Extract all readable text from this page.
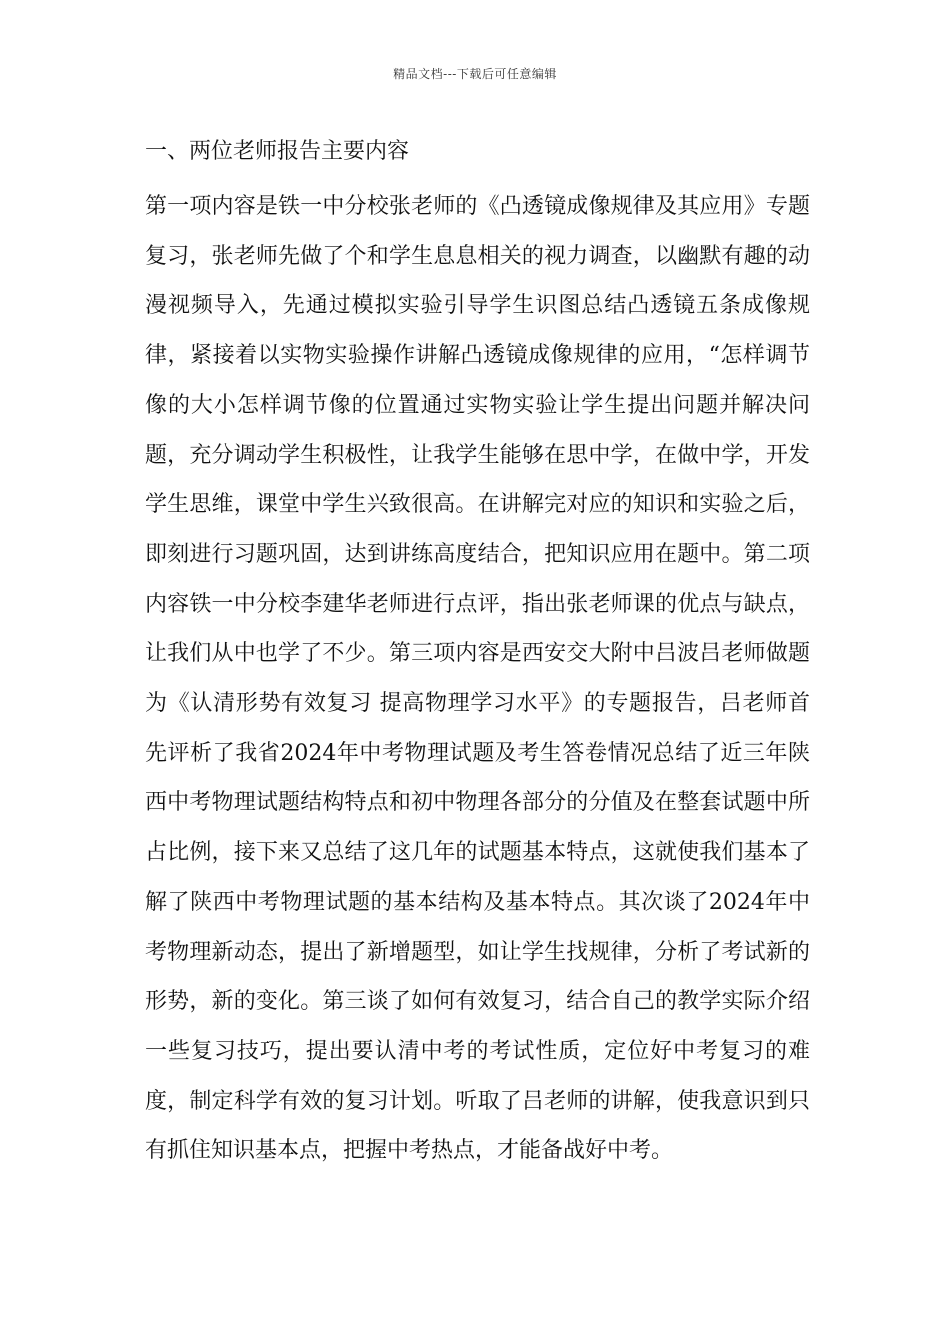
精品文档---下载后可任意编辑
一、两位老师报告主要内容

第一项内容是铁一中分校张老师的《凸透镜成像规律及其应用》专题复习，张老师先做了个和学生息息相关的视力调查，以幽默有趣的动漫视频导入，先通过模拟实验引导学生识图总结凸透镜五条成像规律，紧接着以实物实验操作讲解凸透镜成像规律的应用，“怎样调节像的大小怎样调节像的位置通过实物实验让学生提出问题并解决问题，充分调动学生积极性，让我学生能够在思中学，在做中学，开发学生思维，课堂中学生兴致很高。在讲解完对应的知识和实验之后，即刻进行习题巩固，达到讲练高度结合，把知识应用在题中。第二项内容铁一中分校李建华老师进行点评，指出张老师课的优点与缺点，让我们从中也学了不少。第三项内容是西安交大附中吕波吕老师做题为《认清形势有效复习 提高物理学习水平》的专题报告，吕老师首先评析了我省2024年中考物理试题及考生答卷情况总结了近三年陕西中考物理试题结构特点和初中物理各部分的分值及在整套试题中所占比例，接下来又总结了这几年的试题基本特点，这就使我们基本了解了陕西中考物理试题的基本结构及基本特点。其次谈了2024年中考物理新动态，提出了新增题型，如让学生找规律，分析了考试新的形势，新的变化。第三谈了如何有效复习，结合自己的教学实际介绍一些复习技巧，提出要认清中考的考试性质，定位好中考复习的难度，制定科学有效的复习计划。听取了吕老师的讲解，使我意识到只有抓住知识基本点，把握中考热点，才能备战好中考。
